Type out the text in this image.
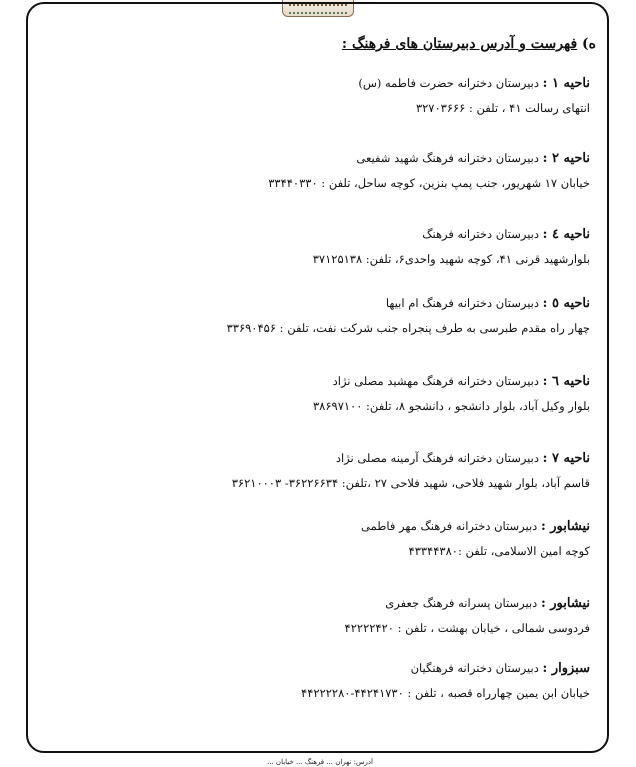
ه) فهرست و آدرس دبیرستان های فرهنگ :
ناحیه ۱ : دبیرستان دخترانه حضرت فاطمه (س)
انتهای رسالت ۴۱ ، تلفن : ۳۲۷۰۳۶۶۶
ناحیه ۲ : دبیرستان دخترانه فرهنگ شهید شفیعی
خیابان ۱۷ شهریور، جنب پمپ بنزین، کوچه ساحل، تلفن : ۳۳۴۴۰۳۳۰
ناحیه ٤ : دبیرستان دخترانه فرهنگ
بلوارشهید قرنی ۴۱، کوچه شهید واحدی۶، تلفن: ۳۷۱۲۵۱۳۸
ناحیه ٥ : دبیرستان دخترانه فرهنگ ام ابیها
چهار راه مقدم طبرسی به طرف پنجراه جنب شرکت نفت، تلفن : ۳۳۶۹۰۴۵۶
ناحیه ٦ : دبیرستان دخترانه فرهنگ مهشید مصلی نژاد
بلوار وکیل آباد، بلوار دانشجو ، دانشجو ۸، تلفن: ۳۸۶۹۷۱۰۰
ناحیه ۷ : دبیرستان دخترانه فرهنگ آرمینه مصلی نژاد
قاسم آباد، بلوار شهید فلاحی، شهید فلاحی ۲۷ ،تلفن: ۳۶۲۲۶۶۳۴- ۳۶۲۱۰۰۰۳
نیشابور : دبیرستان دخترانه فرهنگ مهر فاطمی
کوچه امین الاسلامی، تلفن :۴۳۳۴۴۳۸۰
نیشابور : دبیرستان پسرانه فرهنگ جعفری
فردوسی شمالی ، خیابان بهشت ، تلفن : ۴۲۲۲۲۴۲۰
سبزوار : دبیرستان دخترانه فرهنگیان
خیابان ابن یمین چهارراه قصبه ، تلفن : ۴۴۲۴۱۷۳۰-۴۴۲۲۲۲۸۰
آدرس: تهران ... فرهنگ ... خیابان ...
